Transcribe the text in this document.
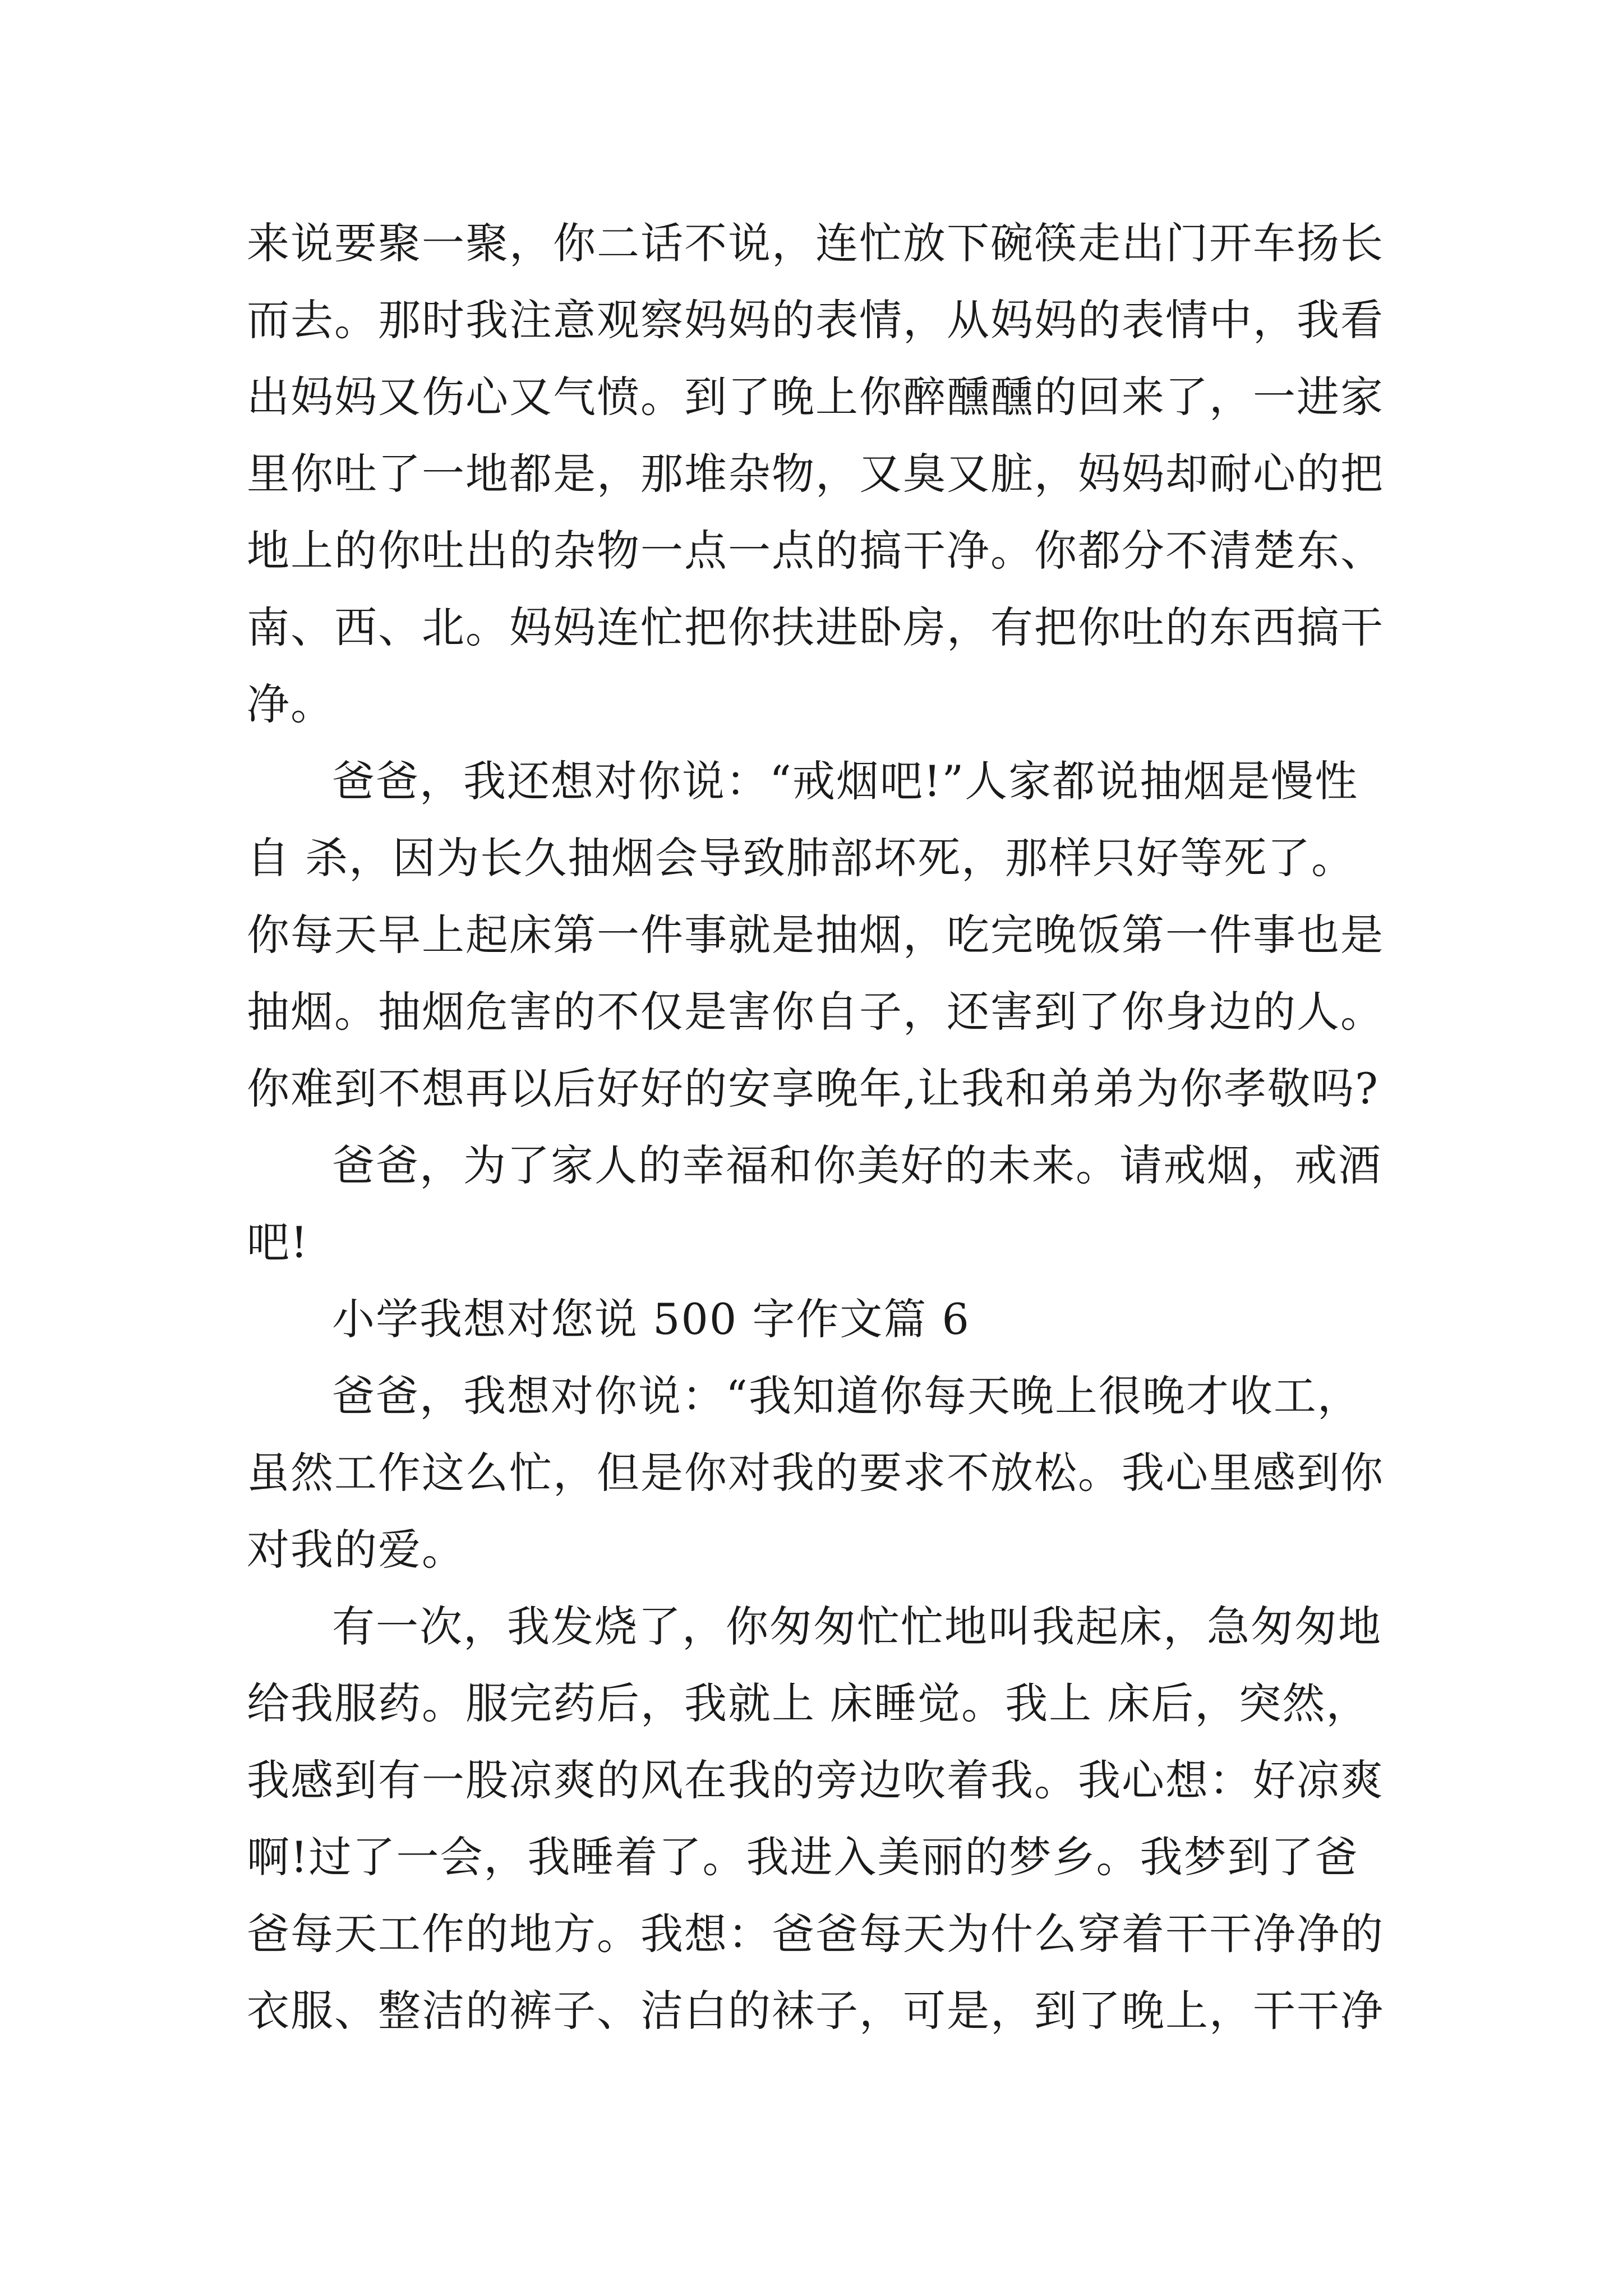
来说要聚一聚，你二话不说，连忙放下碗筷走出门开车扬长
而去。那时我注意观察妈妈的表情，从妈妈的表情中，我看
出妈妈又伤心又气愤。到了晚上你醉醺醺的回来了，一进家
里你吐了一地都是，那堆杂物，又臭又脏，妈妈却耐心的把
地上的你吐出的杂物一点一点的搞干净。你都分不清楚东、
南、西、北。妈妈连忙把你扶进卧房，有把你吐的东西搞干
净。
爸爸，我还想对你说：“戒烟吧!”人家都说抽烟是慢性
自 杀，因为长久抽烟会导致肺部坏死，那样只好等死了。
你每天早上起床第一件事就是抽烟，吃完晚饭第一件事也是
抽烟。抽烟危害的不仅是害你自子，还害到了你身边的人。
你难到不想再以后好好的安享晚年,让我和弟弟为你孝敬吗?
爸爸，为了家人的幸福和你美好的未来。请戒烟，戒酒
吧!
小学我想对您说 500 字作文篇 6
爸爸，我想对你说：“我知道你每天晚上很晚才收工，
虽然工作这么忙，但是你对我的要求不放松。我心里感到你
对我的爱。
有一次，我发烧了，你匆匆忙忙地叫我起床，急匆匆地
给我服药。服完药后，我就上 床睡觉。我上 床后，突然，
我感到有一股凉爽的风在我的旁边吹着我。我心想：好凉爽
啊!过了一会，我睡着了。我进入美丽的梦乡。我梦到了爸
爸每天工作的地方。我想：爸爸每天为什么穿着干干净净的
衣服、整洁的裤子、洁白的袜子，可是，到了晚上，干干净
